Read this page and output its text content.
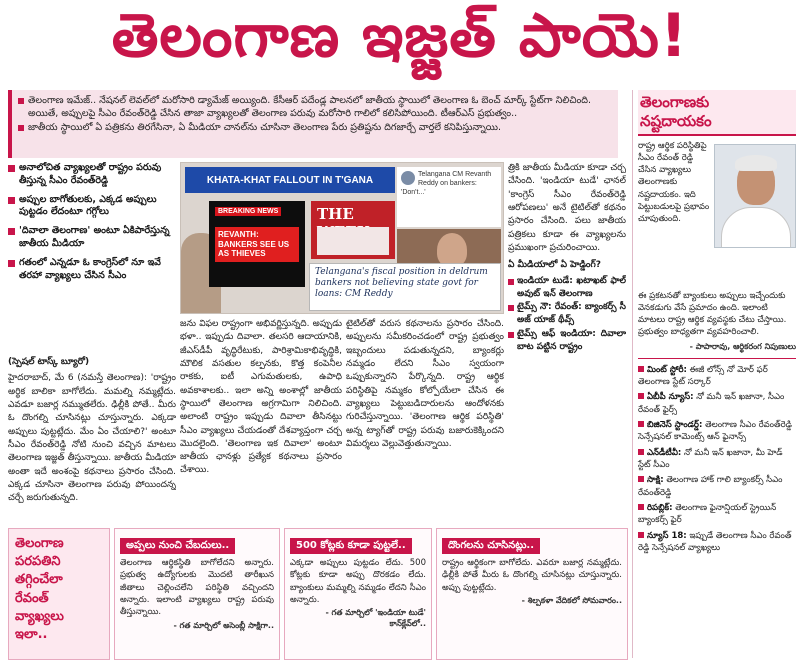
తెలంగాణ ఇజ్జత్ పాయె!

తెలంగాణ ఇమేజ్.. నేషనల్ లెవల్‌లో మరోసారి డ్యామేజ్ అయ్యింది. కేసీఆర్ పదేండ్ల పాలనలో జాతీయ స్థాయిలో తెలంగాణ ఓ బెంచ్ మార్క్ స్టేట్‌గా నిలిచింది. అయితే, అప్పులపై సీఎం రేవంత్‌రెడ్డి చేసిన తాజా వ్యాఖ్యలతో తెలంగాణ పరువు మరోసారి గాలిలో కలిసిపోయింది. టీఆర్ఎస్ ప్రభుత్వం..

జాతీయ స్థాయిలో ఏ పత్రికను తిరగేసినా, ఏ మీడియా చానల్‌ను చూసినా తెలంగాణ పేరు ప్రతిష్టను దిగజార్చే వార్తలే కనిపిస్తున్నాయి.

అనాలోచిత వ్యాఖ్యలతో రాష్ట్రం పరువు తీస్తున్న సీఎం రేవంత్‌రెడ్డి
అప్పుల బాగోతులకు, ఎక్కడ అప్పులు పుట్టడం లేదంటూ గగ్గోలు
'దివాలా తెలంగాణ' అంటూ ఏకిపారేస్తున్న జాతీయ మీడియా
గతంలో ఎన్నడూ ఓ కాంగ్రెస్‌లో నూ ఇవే తరహా వ్యాఖ్యలు చేసిన సీఎం
KHATA-KHAT FALLOUT IN T'GANA
BREAKING NEWS
REVANTH: BANKERS SEE US AS THIEVES
THE
Telangana CM Revanth Reddy on bankers: 'Don't...'
Telangana's fiscal position in deldrum bankers not believing state govt for loans: CM Reddy

(స్పెషల్ టాస్క్ బ్యూరో)

హైదరాబాద్, మే 6 (నమస్తే తెలంగాణ): 'రాష్ట్రం అర్థిక బాలికా బాగోలేదు. మమల్ని నమ్మట్లేదు. ఎవడూ బజార్ల నమ్ముతలేరు. ఢిల్లీకి పోతే.. మీరు ఓ దొంగల్ని చూసినట్లు చూస్తున్నారు. ఎక్కడా అప్పులు పుట్టట్లేదు. మేం ఏం చేయాలి?' అంటూ సీఎం రేవంత్‌రెడ్డి నోటి నుంచి వచ్చిన మాటలు తెలంగాణ ఇజ్జత్ తీస్తున్నాయి. జాతీయ మీడియా అంతా ఇదే అంశంపై కథనాలు ప్రసారం చేసింది. ఎక్కడ చూసినా తెలంగాణ పరువు పోయిందన్న చర్చే జరుగుతున్నది.

జను విఫల రాష్ట్రంగా అభివర్ణిస్తున్నది. అప్పుడు భళా.. ఇప్పుడు దివాలా. తలసరి ఆదాయానికి, జీఎస్‌డీపీ వృద్ధిరేటుకు, పారిశ్రామికాభివృద్ధికి, మౌలిక వసతుల కల్పనకు, కొత్త కంపెనీల రాకకు, ఐటీ ఎగుమతులకు, ఉపాధి అవకాశాలకు.. ఇలా అన్ని అంశాల్లో జాతీయ స్థాయిలో తెలంగాణ అగ్రగామిగా నిలిచింది. అలాంటి రాష్ట్రం ఇప్పుడు దివాలా తీసినట్టు సీఎం వ్యాఖ్యలు చేయడంతో దేశవ్యాప్తంగా చర్చ మొదలైంది. 'తెలంగాణ ఇక దివాలా' అంటూ జాతీయ ఛానళ్లు ప్రత్యేక కథనాలు ప్రసారం చేశాయి.

టైటిల్‌తో వరుస కథనాలను ప్రసారం చేసింది. అప్పులను సమీకరించడంలో రాష్ట్ర ప్రభుత్వం ఇబ్బందులు పడుతున్నదని, బ్యాంకర్లు నమ్మడం లేదని సీఎం స్వయంగా ఒప్పుకున్నారని పేర్కొన్నది. రాష్ట్ర ఆర్థిక పరిస్థితిపై నమ్మకం కోల్పోయేలా చేసిన ఈ వ్యాఖ్యలు పెట్టుబడిదారులను ఆందోళనకు గురిచేస్తున్నాయి. 'తెలంగాణ ఆర్థిక పరిస్థితి' అన్న ట్యాగ్‌తో రాష్ట్ర పరువు బజారుకెక్కిందని విమర్శలు వెల్లువెత్తుతున్నాయి.

త్రికి జాతీయ మీడియా కూడా చర్చ చేసింది. 'ఇండియా టుడే' ఛానల్ 'కాంగ్రెస్ సీఎం రేవంత్‌రెడ్డి ఆరోపణలు' అనే టైటిల్‌తో కథనం ప్రసారం చేసింది. పలు జాతీయ పత్రికలు కూడా ఈ వ్యాఖ్యలను ప్రముఖంగా ప్రచురించాయి.

ఏ మీడియాలో ఏ హెడ్డింగ్?

ఇండియా టుడే: ఖటాఖట్ ఫాల్ అవుట్ ఇన్ తెలంగాణ

టైమ్స్ నౌ: రేవంత్: బ్యాంకర్స్ సీ అజ్ యాజ్ థీవ్స్

టైమ్స్ ఆఫ్ ఇండియా: దివాలా బాట పట్టిన రాష్ట్రం

తెలంగాణకు
నష్టదాయకం

రాష్ట్ర ఆర్థిక పరిస్థితిపై సీఎం రేవంత్ రెడ్డి చేసిన వ్యాఖ్యలు తెలంగాణకు నష్టదాయకం. ఇది పెట్టుబడులపై ప్రభావం చూపుతుంది.

ఈ ప్రకటనతో బ్యాంకులు అప్పులు ఇచ్చేందుకు వెనకడుగు వేసే ప్రమాదం ఉంది. ఇలాంటి మాటలు రాష్ట్ర ఆర్థిక వ్యవస్థకు చేటు చేస్తాయి. ప్రభుత్వం బాధ్యతగా వ్యవహరించాలి.

- పాపారావు, ఆర్థికరంగ నిపుణులు

మింట్ స్టోరీ: ఈజీ లోన్స్ నో మోర్ ఫర్ తెలంగాణ స్టేట్ సర్కార్

ఏబీపీ న్యూస్: నో మనీ ఇన్ ఖజానా, సీఎం రేవంత్ ఫైర్స్

బిజినెస్ స్టాండర్డ్: తెలంగాణ సీఎం రేవంత్‌రెడ్డి సెన్సేషనల్ కామెంట్స్ ఆన్ ఫైనాన్స్

ఎన్‌డీటీవీ: నో మనీ ఇన్ ఖజానా, మీ హెడ్ స్టేట్ సీఎం

సాక్షి: తెలంగాణ హాక్ గాలి బ్యాంకర్స్ సీఎం రేవంత్‌రెడ్డి

రిపబ్లిక్: తెలంగాణ ఫైనాన్షియల్ స్ట్రెయిన్ బ్యాంకర్స్ ఫైర్

న్యూస్ 18: ఇప్పుడే తెలంగాణ సీఎం రేవంత్ రెడ్డి సెన్సేషనల్ వ్యాఖ్యలు

తెలంగాణ
పరపతిని
తగ్గించేలా
రేవంత్
వ్యాఖ్యలు
ఇలా..
అప్పలు నుంచి చేబదులు..

తెలంగాణ ఆర్థికస్థితి బాగోలేదని అన్నారు. ప్రభుత్వ ఉద్యోగులకు మొదటి తారీఖున జీతాలు చెల్లించలేని పరిస్థితి వచ్చిందని అన్నారు. ఇలాంటి వ్యాఖ్యలు రాష్ట్ర పరువు తీస్తున్నాయి.

- గత మార్చిలో అసెంబ్లీ సాక్షిగా..

500 కోట్లకు కూడా పుట్టలే..

ఎక్కడా అప్పులు పుట్టడం లేదు. 500 కోట్లకు కూడా అప్పు దొరకడం లేదు. బ్యాంకులు మమ్మల్ని నమ్మడం లేదని సీఎం అన్నారు.

- గత మార్చిలో 'ఇండియా టుడే' కాన్‌క్లేవ్‌లో..

దొంగలను చూసినట్లు..

రాష్ట్రం ఆర్థికంగా బాగోలేదు. ఎవరూ బజార్ల నమ్మట్లేదు. ఢిల్లీకి పోతే మీరు ఓ దొంగల్ని చూసినట్లు చూస్తున్నారు. అప్పు పుట్టట్లేదు.

- శిల్పకళా వేదికలో సోమవారం..
